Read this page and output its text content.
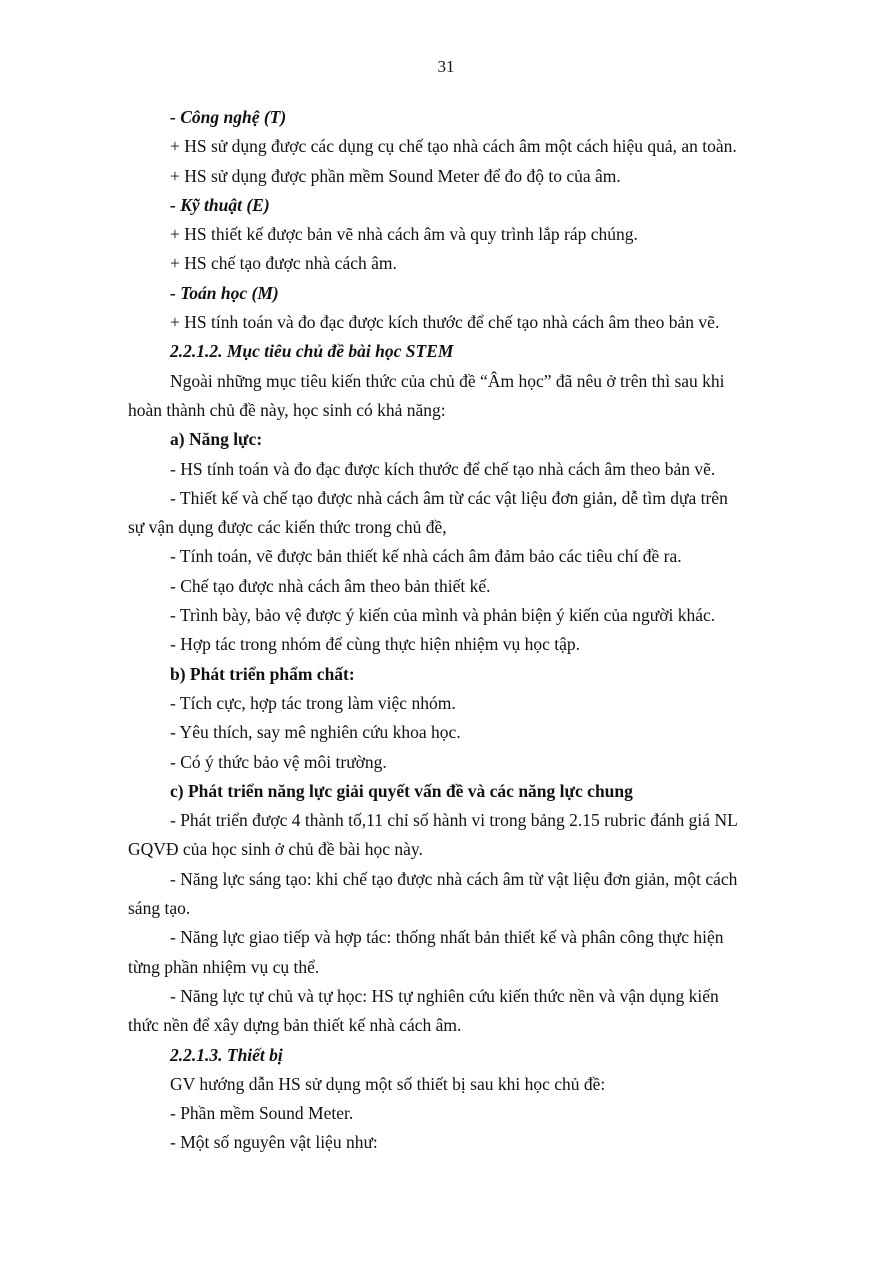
31

- Công nghệ (T)

+ HS sử dụng được các dụng cụ chế tạo nhà cách âm một cách hiệu quả, an toàn.

+ HS sử dụng được phần mềm Sound Meter để đo độ to của âm.

- Kỹ thuật (E)

+ HS thiết kế được bản vẽ nhà cách âm và quy trình lắp ráp chúng.

+ HS chế tạo được nhà cách âm.

- Toán học (M)

+ HS tính toán và đo đạc được kích thước để chế tạo nhà cách âm theo bản vẽ.

2.2.1.2. Mục tiêu chủ đề bài học STEM

Ngoài những mục tiêu kiến thức của chủ đề “Âm học” đã nêu ở trên thì sau khi

hoàn thành chủ đề này, học sinh có khả năng:

a) Năng lực:

- HS tính toán và đo đạc được kích thước để chế tạo nhà cách âm theo bản vẽ.

- Thiết kế và chế tạo được nhà cách âm từ các vật liệu đơn giản, dễ tìm dựa trên

sự vận dụng được các kiến thức trong chủ đề,

- Tính toán, vẽ được bản thiết kế nhà cách âm đảm bảo các tiêu chí đề ra.

- Chế tạo được nhà cách âm theo bản thiết kế.

- Trình bày, bảo vệ được ý kiến của mình và phản biện ý kiến của người khác.

- Hợp tác trong nhóm để cùng thực hiện nhiệm vụ học tập.

b) Phát triển phẩm chất:

- Tích cực, hợp tác trong làm việc nhóm.

- Yêu thích, say mê nghiên cứu khoa học.

- Có ý thức bảo vệ môi trường.

c) Phát triển năng lực giải quyết vấn đề và các năng lực chung

- Phát triển được 4 thành tố,11 chỉ số hành vi trong bảng 2.15 rubric đánh giá NL

GQVĐ của học sinh ở chủ đề bài học này.

- Năng lực sáng tạo: khi chế tạo được nhà cách âm từ vật liệu đơn giản, một cách

sáng tạo.

- Năng lực giao tiếp và hợp tác: thống nhất bản thiết kế và phân công thực hiện

từng phần nhiệm vụ cụ thể.

- Năng lực tự chủ và tự học: HS tự nghiên cứu kiến thức nền và vận dụng kiến

thức nền để xây dựng bản thiết kế nhà cách âm.

2.2.1.3. Thiết bị

GV hướng dẫn HS sử dụng một số thiết bị sau khi học chủ đề:

- Phần mềm Sound Meter.

- Một số nguyên vật liệu như:
